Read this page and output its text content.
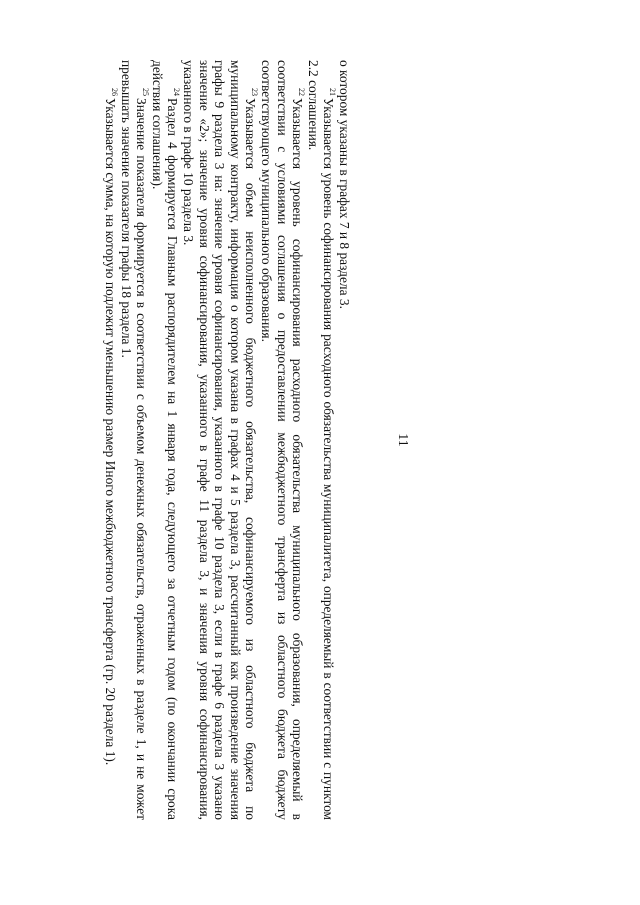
11

о котором указаны в графах 7 и 8 раздела 3.

$^{21}$Указывается уровень софинансирования расходного обязательства муниципалитета, определяемый в соответствии с пунктом 2.2 соглашения.

$^{22}$Указывается уровень софинансирования расходного обязательства муниципального образования, определяемый в соответствии с условиями соглашения о предоставлении межбюджетного трансферта из областного бюджета бюджету соответствующего муниципального образования.

$^{23}$Указывается объем неисполненного бюджетного обязательства, софинансируемого из областного бюджета по муниципальному контракту, информация о котором указана в графах 4 и 5 раздела 3, рассчитанный как произведение значения графы 9 раздела 3 на: значение уровня софинансирования, указанного в графе 10 раздела 3, если в графе 6 раздела 3 указано значение «2»; значение уровня софинансирования, указанного в графе 11 раздела 3, и значения уровня софинансирования, указанного в графе 10 раздела 3.

$^{24}$Раздел 4 формируется Главным распорядителем на 1 января года, следующего за отчетным годом (по окончании срока действия соглашения).

$^{25}$Значение показателя формируется в соответствии с объемом денежных обязательств, отраженных в разделе 1, и не может превышать значение показателя графы 18 раздела 1.

$^{26}$Указывается сумма, на которую подлежит уменьшению размер Иного межбюджетного трансферта (гр. 20 раздела 1).
